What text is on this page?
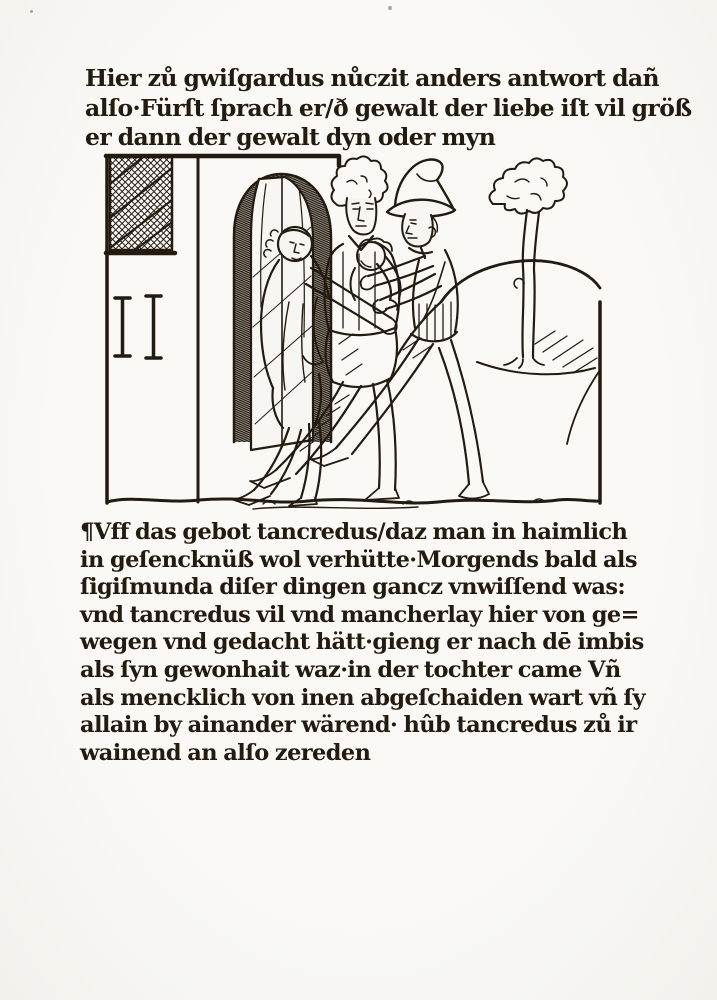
Hier zů gwiſgardus nůczit anders antwort dañ
alſo·Fürſt ſprach er/ð gewalt der liebe iſt vil größ
er dann der gewalt dyn oder myn
¶Vff das gebot tancredus/daz man in haimlich
in geſencknüß wol verhütte·Morgends bald als
ſigiſmunda diſer dingen gancz vnwiſſend was:
vnd tancredus vil vnd mancherlay hier von ge=
wegen vnd gedacht hätt·gieng er nach dē imbis
als ſyn gewonhait waz·in der tochter came Vñ
als mencklich von inen abgeſchaiden wart vñ ſy
allain by ainander wärend· hûb tancredus zů ir
wainend an alſo zereden
